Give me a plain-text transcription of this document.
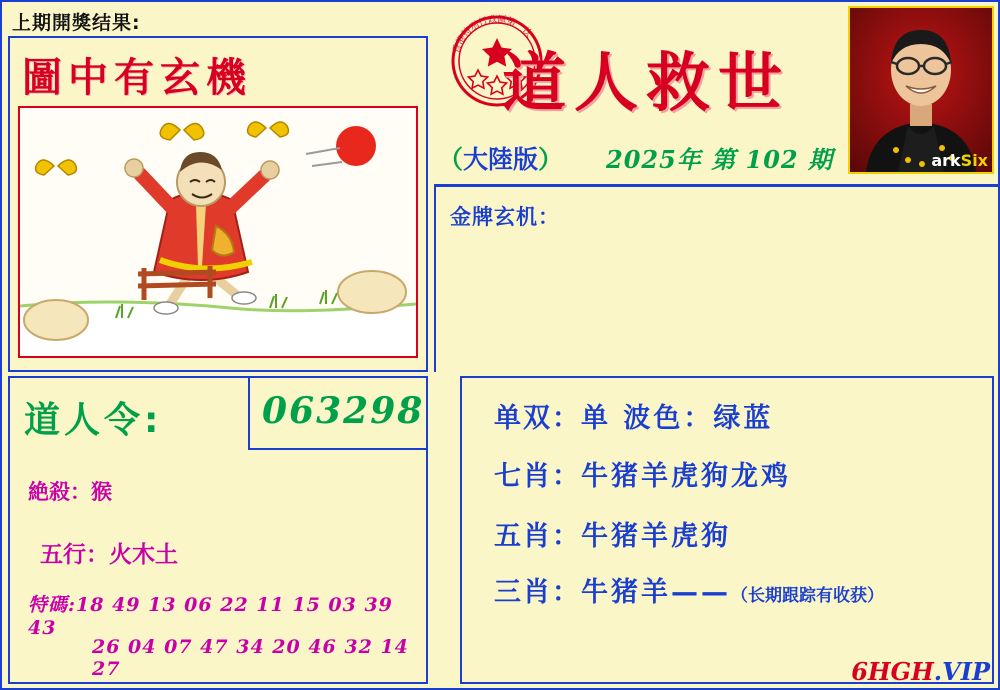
上期開獎结果:
圖中有玄機
道人令:	063298
絶殺：猴
五行：火木土
特碼:18 49 13 06 22 11 15 03 39 43
26 04 07 47 34 20 46 32 14 27
香港特別行政區第一次
道人救世
（大陸版） 2025年 第 102 期	arkSix
金牌玄机：
单双：单 波色：绿蓝
七肖：牛猪羊虎狗龙鸡
五肖：牛猪羊虎狗
三肖：牛猪羊——（长期跟踪有收获）
6HGH.VIP
